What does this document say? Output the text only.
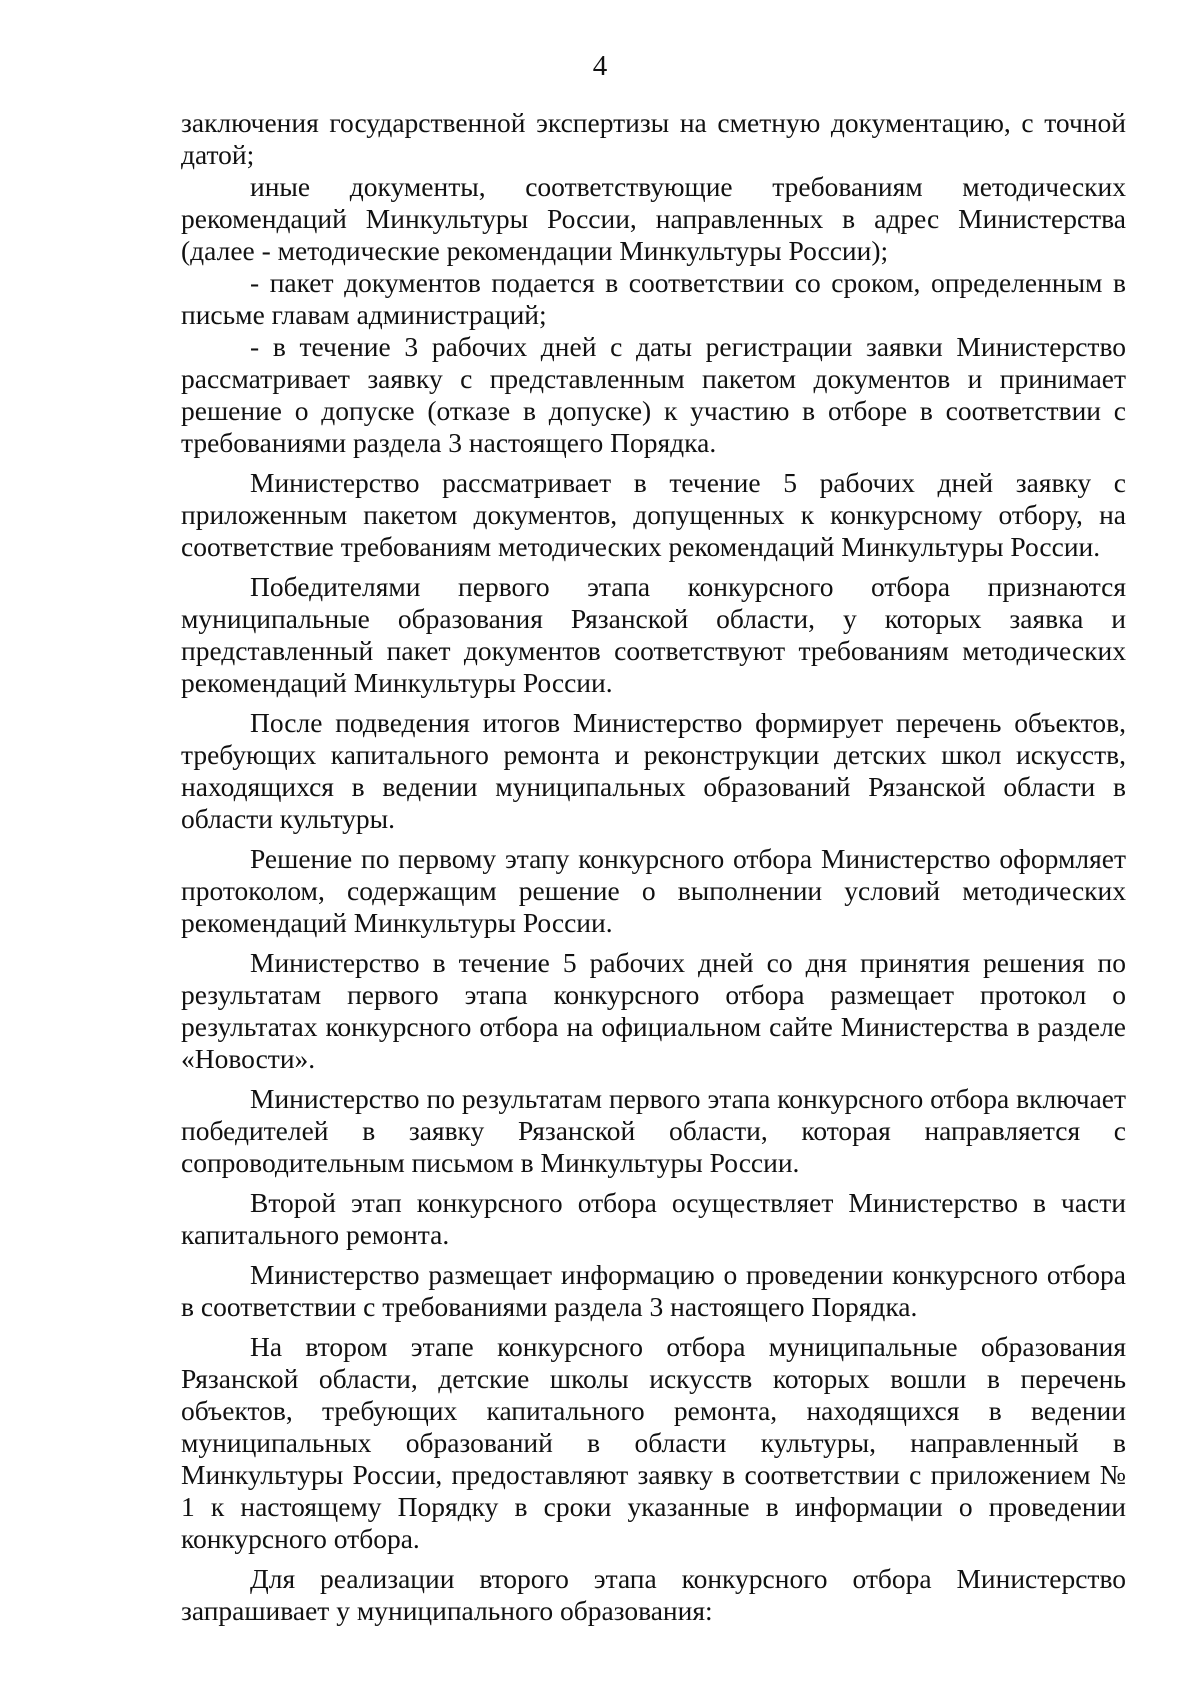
4

заключения государственной экспертизы на сметную документацию, с точной датой;

иные документы, соответствующие требованиям методических рекомендаций Минкультуры России, направленных в адрес Министерства (далее - методические рекомендации Минкультуры России);

- пакет документов подается в соответствии со сроком, определенным в письме главам администраций;

- в течение 3 рабочих дней с даты регистрации заявки Министерство рассматривает заявку с представленным пакетом документов и принимает решение о допуске (отказе в допуске) к участию в отборе в соответствии с требованиями раздела 3 настоящего Порядка.

Министерство рассматривает в течение 5 рабочих дней заявку с приложенным пакетом документов, допущенных к конкурсному отбору, на соответствие требованиям методических рекомендаций Минкультуры России.

Победителями первого этапа конкурсного отбора признаются муниципальные образования Рязанской области, у которых заявка и представленный пакет документов соответствуют требованиям методических рекомендаций Минкультуры России.

После подведения итогов Министерство формирует перечень объектов, требующих капитального ремонта и реконструкции детских школ искусств, находящихся в ведении муниципальных образований Рязанской области в области культуры.

Решение по первому этапу конкурсного отбора Министерство оформляет протоколом, содержащим решение о выполнении условий методических рекомендаций Минкультуры России.

Министерство в течение 5 рабочих дней со дня принятия решения по результатам первого этапа конкурсного отбора размещает протокол о результатах конкурсного отбора на официальном сайте Министерства в разделе «Новости».

Министерство по результатам первого этапа конкурсного отбора включает победителей в заявку Рязанской области, которая направляется с сопроводительным письмом в Минкультуры России.

Второй этап конкурсного отбора осуществляет Министерство в части капитального ремонта.

Министерство размещает информацию о проведении конкурсного отбора в соответствии с требованиями раздела 3 настоящего Порядка.

На втором этапе конкурсного отбора муниципальные образования Рязанской области, детские школы искусств которых вошли в перечень объектов, требующих капитального ремонта, находящихся в ведении муниципальных образований в области культуры, направленный в Минкультуры России, предоставляют заявку в соответствии с приложением № 1 к настоящему Порядку в сроки указанные в информации о проведении конкурсного отбора.

Для реализации второго этапа конкурсного отбора Министерство запрашивает у муниципального образования:
